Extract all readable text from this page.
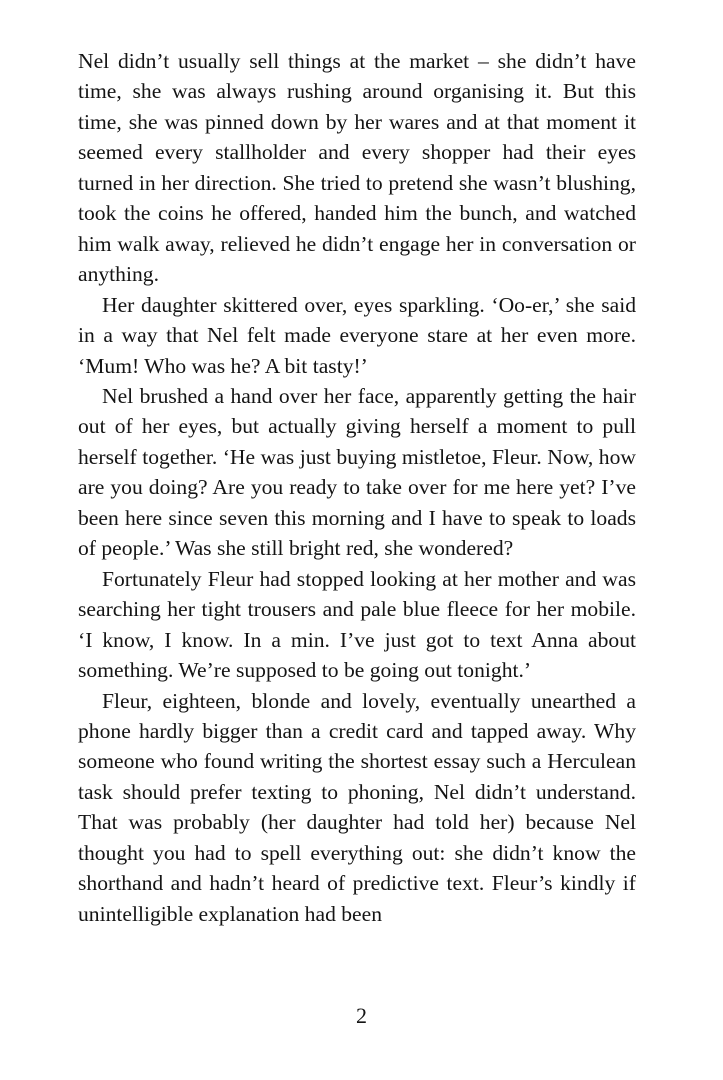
Nel didn’t usually sell things at the market – she didn’t have time, she was always rushing around organising it. But this time, she was pinned down by her wares and at that moment it seemed every stallholder and every shopper had their eyes turned in her direction. She tried to pretend she wasn’t blushing, took the coins he offered, handed him the bunch, and watched him walk away, relieved he didn’t engage her in conversation or anything.

Her daughter skittered over, eyes sparkling. ‘Oo-er,’ she said in a way that Nel felt made everyone stare at her even more. ‘Mum! Who was he? A bit tasty!’

Nel brushed a hand over her face, apparently getting the hair out of her eyes, but actually giving herself a moment to pull herself together. ‘He was just buying mistletoe, Fleur. Now, how are you doing? Are you ready to take over for me here yet? I’ve been here since seven this morning and I have to speak to loads of people.’ Was she still bright red, she wondered?

Fortunately Fleur had stopped looking at her mother and was searching her tight trousers and pale blue fleece for her mobile. ‘I know, I know. In a min. I’ve just got to text Anna about something. We’re supposed to be going out tonight.’

Fleur, eighteen, blonde and lovely, eventually unearthed a phone hardly bigger than a credit card and tapped away. Why someone who found writing the shortest essay such a Herculean task should prefer texting to phoning, Nel didn’t understand. That was probably (her daughter had told her) because Nel thought you had to spell everything out: she didn’t know the shorthand and hadn’t heard of predictive text. Fleur’s kindly if unintelligible explanation had been

2
